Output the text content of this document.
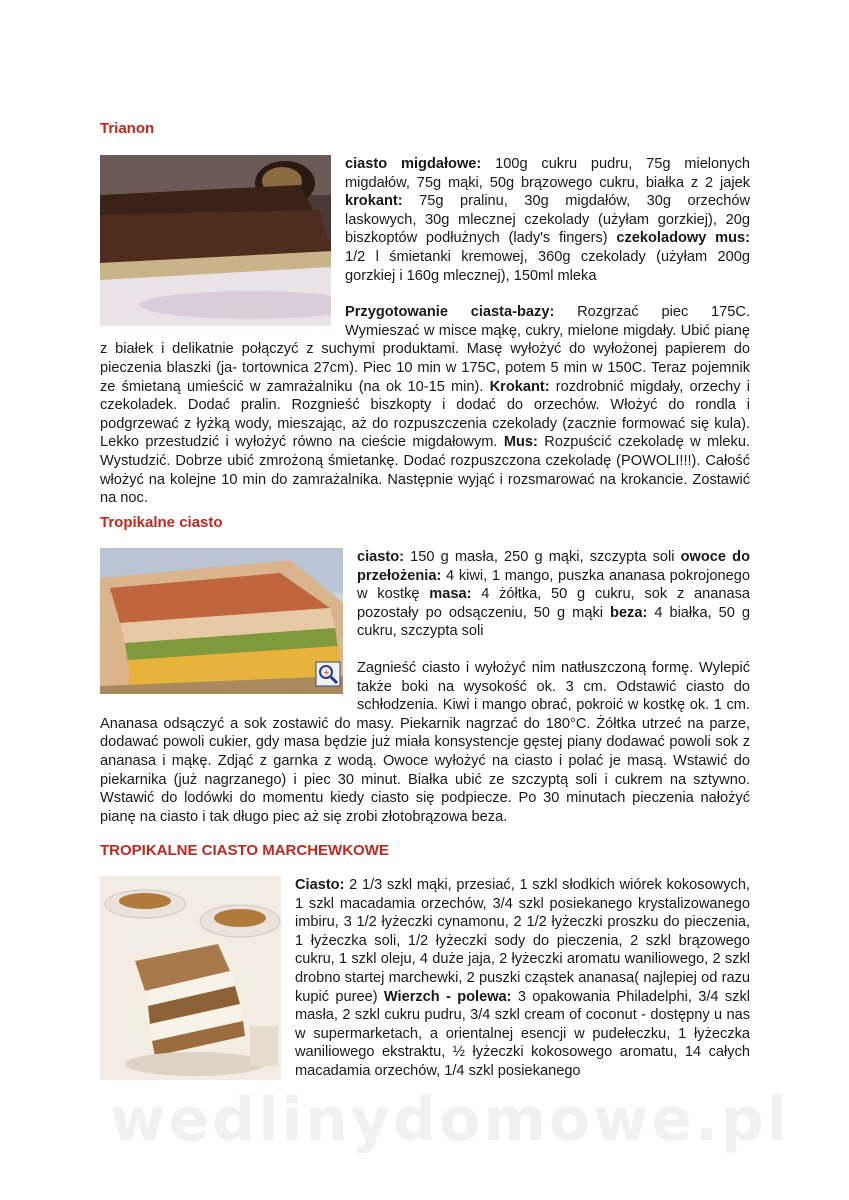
Trianon

ciasto migdałowe: 100g cukru pudru, 75g mielonych migdałów, 75g mąki, 50g brązowego cukru, białka z 2 jajek krokant: 75g pralinu, 30g migdałów, 30g orzechów laskowych, 30g mlecznej czekolady (użyłam gorzkiej), 20g biszkoptów podłużnych (lady's fingers) czekoladowy mus: 1/2 l śmietanki kremowej, 360g czekolady (użyłam 200g gorzkiej i 160g mlecznej), 150ml mleka

Przygotowanie ciasta-bazy: Rozgrzać piec 175C. Wymieszać w misce mąkę, cukry, mielone migdały. Ubić pianę z białek i delikatnie połączyć z suchymi produktami. Masę wyłożyć do wyłożonej papierem do pieczenia blaszki (ja- tortownica 27cm). Piec 10 min w 175C, potem 5 min w 150C. Teraz pojemnik ze śmietaną umieścić w zamrażalniku (na ok 10-15 min). Krokant: rozdrobnić migdały, orzechy i czekoladek. Dodać pralin. Rozgnieść biszkopty i dodać do orzechów. Włożyć do rondla i podgrzewać z łyżką wody, mieszając, aż do rozpuszczenia czekolady (zacznie formować się kula). Lekko przestudzić i wyłożyć równo na cieście migdałowym. Mus: Rozpuścić czekoladę w mleku. Wystudzić. Dobrze ubić zmrożoną śmietankę. Dodać rozpuszczona czekoladę (POWOLI!!!). Całość włożyć na kolejne 10 min do zamrażalnika. Następnie wyjąć i rozsmarować na krokancie. Zostawić na noc.

Tropikalne ciasto
+

ciasto: 150 g masła, 250 g mąki, szczypta soli owoce do przełożenia: 4 kiwi, 1 mango, puszka ananasa pokrojonego w kostkę masa: 4 żółtka, 50 g cukru, sok z ananasa pozostały po odsączeniu, 50 g mąki beza: 4 białka, 50 g cukru, szczypta soli

Zagnieść ciasto i wyłożyć nim natłuszczoną formę. Wylepić także boki na wysokość ok. 3 cm. Odstawić ciasto do schłodzenia. Kiwi i mango obrać, pokroić w kostkę ok. 1 cm. Ananasa odsączyć a sok zostawić do masy. Piekarnik nagrzać do 180°C. Żółtka utrzeć na parze, dodawać powoli cukier, gdy masa będzie już miała konsystencje gęstej piany dodawać powoli sok z ananasa i mąkę. Zdjąć z garnka z wodą. Owoce wyłożyć na ciasto i polać je masą. Wstawić do piekarnika (już nagrzanego) i piec 30 minut. Białka ubić ze szczyptą soli i cukrem na sztywno. Wstawić do lodówki do momentu kiedy ciasto się podpiecze. Po 30 minutach pieczenia nałożyć pianę na ciasto i tak długo piec aż się zrobi złotobrązowa beza.

TROPIKALNE CIASTO MARCHEWKOWE

Ciasto: 2 1/3 szkl mąki, przesiać, 1 szkl słodkich wiórek kokosowych, 1 szkl macadamia orzechów, 3/4 szkl posiekanego krystalizowanego imbiru, 3 1/2 łyżeczki cynamonu, 2 1/2 łyżeczki proszku do pieczenia, 1 łyżeczka soli, 1/2 łyżeczki sody do pieczenia, 2 szkl brązowego cukru, 1 szkl oleju, 4 duże jaja, 2 łyżeczki aromatu waniliowego, 2 szkl drobno startej marchewki, 2 puszki cząstek ananasa( najlepiej od razu kupić puree) Wierzch - polewa: 3 opakowania Philadelphi, 3/4 szkl masła, 2 szkl cukru pudru, 3/4 szkl cream of coconut - dostępny u nas w supermarketach, a orientalnej esencji w pudełeczku, 1 łyżeczka waniliowego ekstraktu, ½ łyżeczki kokosowego aromatu, 14 całych macadamia orzechów, 1/4 szkl posiekanego

wedlinydomowe.pl
